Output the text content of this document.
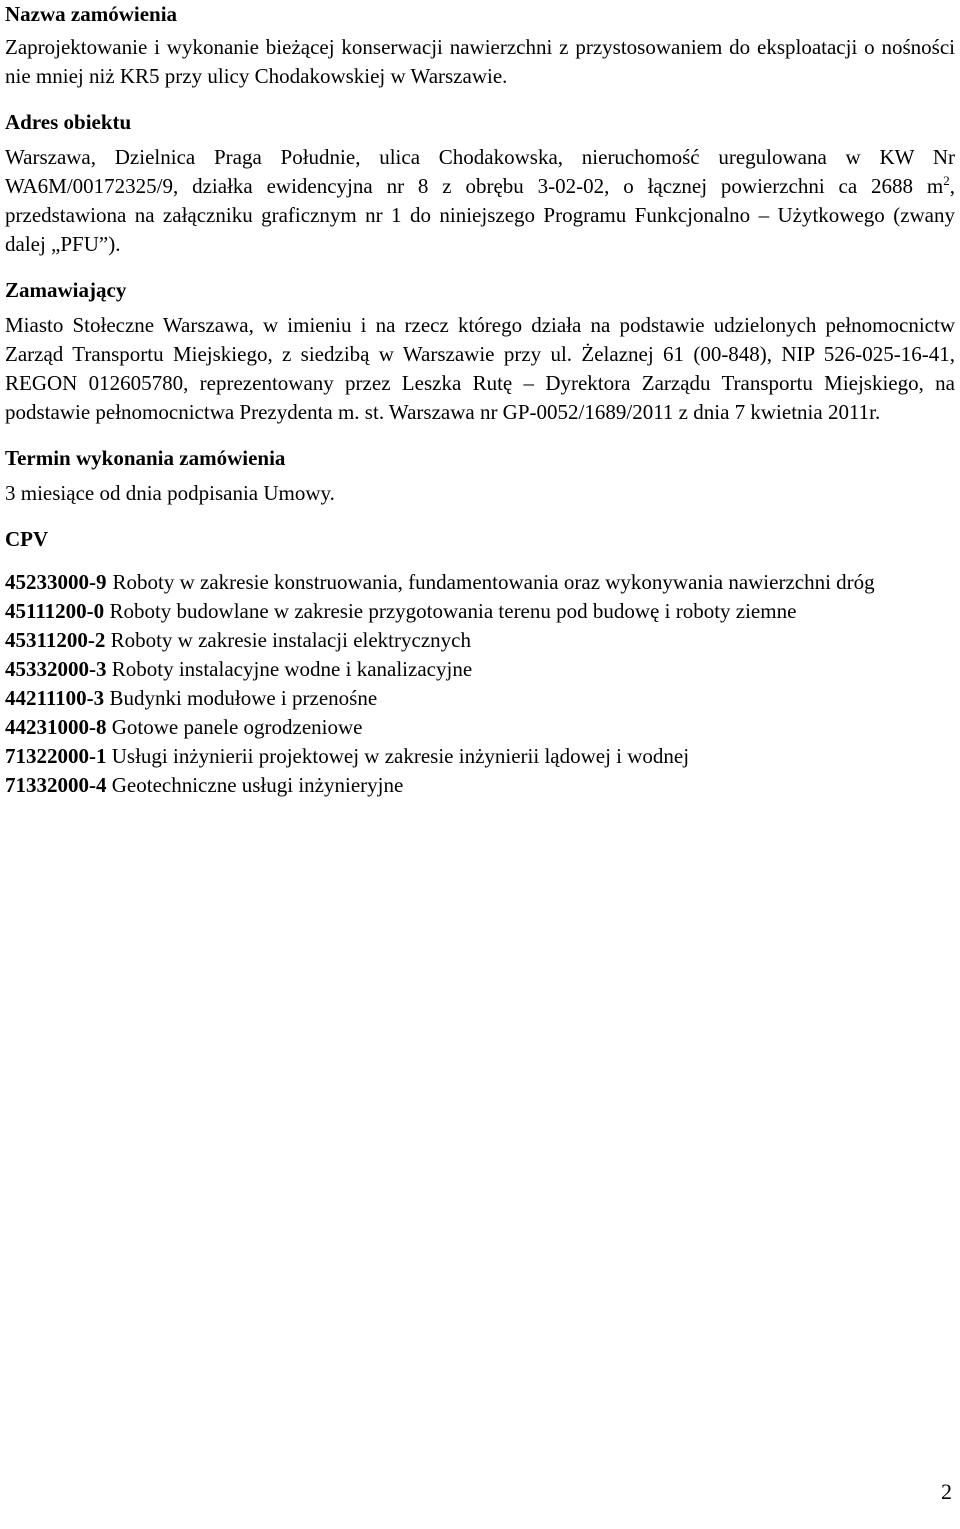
Nazwa zamówienia
Zaprojektowanie i wykonanie bieżącej konserwacji nawierzchni z przystosowaniem do eksploatacji o nośności nie mniej niż KR5 przy ulicy Chodakowskiej w Warszawie.
Adres obiektu
Warszawa, Dzielnica Praga Południe, ulica Chodakowska, nieruchomość uregulowana w KW Nr WA6M/00172325/9, działka ewidencyjna nr 8 z obrębu 3-02-02, o łącznej powierzchni ca 2688 $m^2$, przedstawiona na załączniku graficznym nr 1 do niniejszego Programu Funkcjonalno – Użytkowego (zwany dalej „PFU”).
Zamawiający
Miasto Stołeczne Warszawa, w imieniu i na rzecz którego działa na podstawie udzielonych pełnomocnictw Zarząd Transportu Miejskiego, z siedzibą w Warszawie przy ul. Żelaznej 61 (00-848), NIP 526-025-16-41, REGON 012605780, reprezentowany przez Leszka Rutę – Dyrektora Zarządu Transportu Miejskiego, na podstawie pełnomocnictwa Prezydenta m. st. Warszawa nr GP-0052/1689/2011 z dnia 7 kwietnia 2011r.
Termin wykonania zamówienia
3 miesiące od dnia podpisania Umowy.
CPV
45233000-9 Roboty w zakresie konstruowania, fundamentowania oraz wykonywania nawierzchni dróg
45111200-0 Roboty budowlane w zakresie przygotowania terenu pod budowę i roboty ziemne
45311200-2 Roboty w zakresie instalacji elektrycznych
45332000-3 Roboty instalacyjne wodne i kanalizacyjne
44211100-3 Budynki modułowe i przenośne
44231000-8 Gotowe panele ogrodzeniowe
71322000-1 Usługi inżynierii projektowej w zakresie inżynierii lądowej i wodnej
71332000-4 Geotechniczne usługi inżynieryjne
2
